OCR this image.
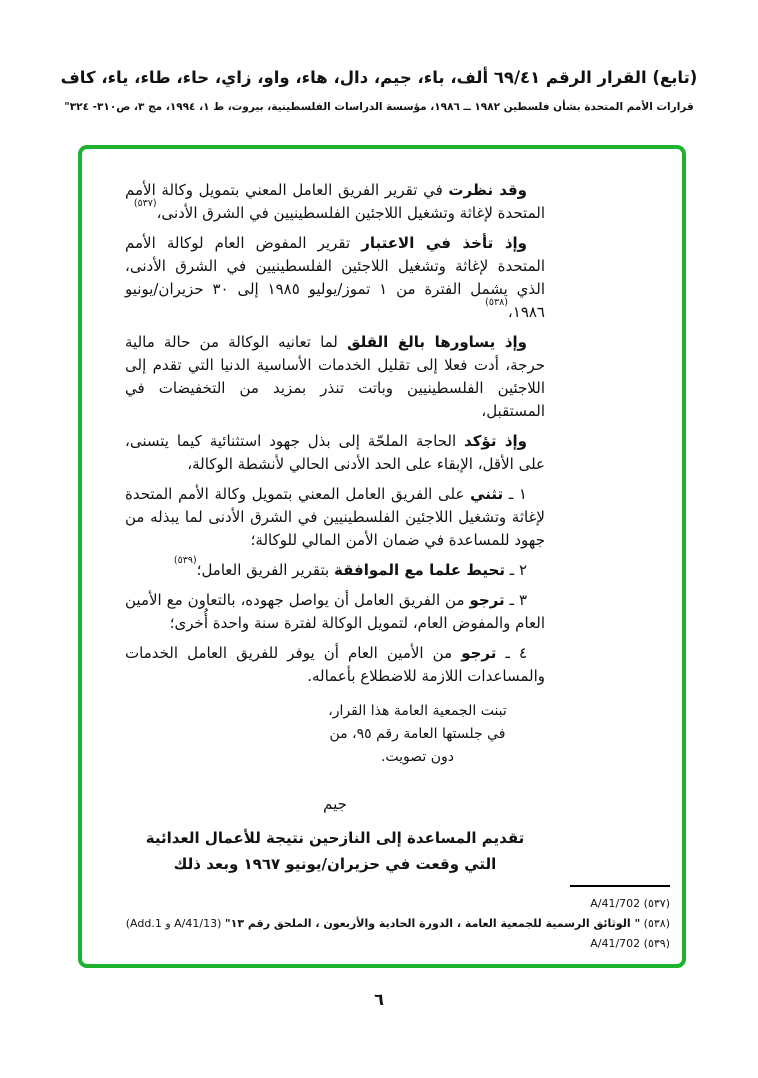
(تابع) القرار الرقم ٦٩/٤١ ألف، باء، جيم، دال، هاء، واو، زاي، حاء، طاء، ياء، كاف
قرارات الأمم المتحدة بشأن فلسطين ١٩٨٢ ــ ١٩٨٦، مؤسسة الدراسات الفلسطينية، بيروت، ط ١، ١٩٩٤، مج ٣، ص٣١٠- ٣٢٤"

وقد نظرت في تقرير الفريق العامل المعني بتمويل وكالة الأمم المتحدة لإغاثة وتشغيل اللاجئين الفلسطينيين في الشرق الأدنى،$^{(٥٣٧)}$

وإذ تأخذ في الاعتبار تقرير المفوض العام لوكالة الأمم المتحدة لإغاثة وتشغيل اللاجئين الفلسطينيين في الشرق الأدنى، الذي يشمل الفترة من ١ تموز/يوليو ١٩٨٥ إلى ٣٠ حزيران/يونيو ١٩٨٦،$^{(٥٣٨)}$

وإذ يساورها بالغ القلق لما تعانيه الوكالة من حالة مالية حرجة، أدت فعلا إلى تقليل الخدمات الأساسية الدنيا التي تقدم إلى اللاجئين الفلسطينيين وباتت تنذر بمزيد من التخفيضات في المستقبل،

وإذ تؤكد الحاجة الملحّة إلى بذل جهود استثنائية كيما يتسنى، على الأقل، الإبقاء على الحد الأدنى الحالي لأنشطة الوكالة،

١ ـ تثني على الفريق العامل المعني بتمويل وكالة الأمم المتحدة لإغاثة وتشغيل اللاجئين الفلسطينيين في الشرق الأدنى لما يبذله من جهود للمساعدة في ضمان الأمن المالي للوكالة؛

٢ ـ تحيط علما مع الموافقة بتقرير الفريق العامل؛$^{(٥٣٩)}$

٣ ـ ترجو من الفريق العامل أن يواصل جهوده، بالتعاون مع الأمين العام والمفوض العام، لتمويل الوكالة لفترة سنة واحدة أُخرى؛

٤ ـ ترجو من الأمين العام أن يوفر للفريق العامل الخدمات والمساعدات اللازمة للاضطلاع بأعماله.

تبنت الجمعية العامة هذا القرار،
في جلستها العامة رقم ٩٥، من
دون تصويت.
جيم
تقديم المساعدة إلى النازحين نتيجة للأعمال العدائية
التي وقعت في حزيران/يونيو ١٩٦٧ وبعد ذلك
(٥٣٧) A/41/702
(٥٣٨) " الوثائق الرسمية للجمعية العامة ، الدورة الحادية والأربعون ، الملحق رقم ١٣" (A/41/13 و Add.1)
(٥٣٩) A/41/702
٦
